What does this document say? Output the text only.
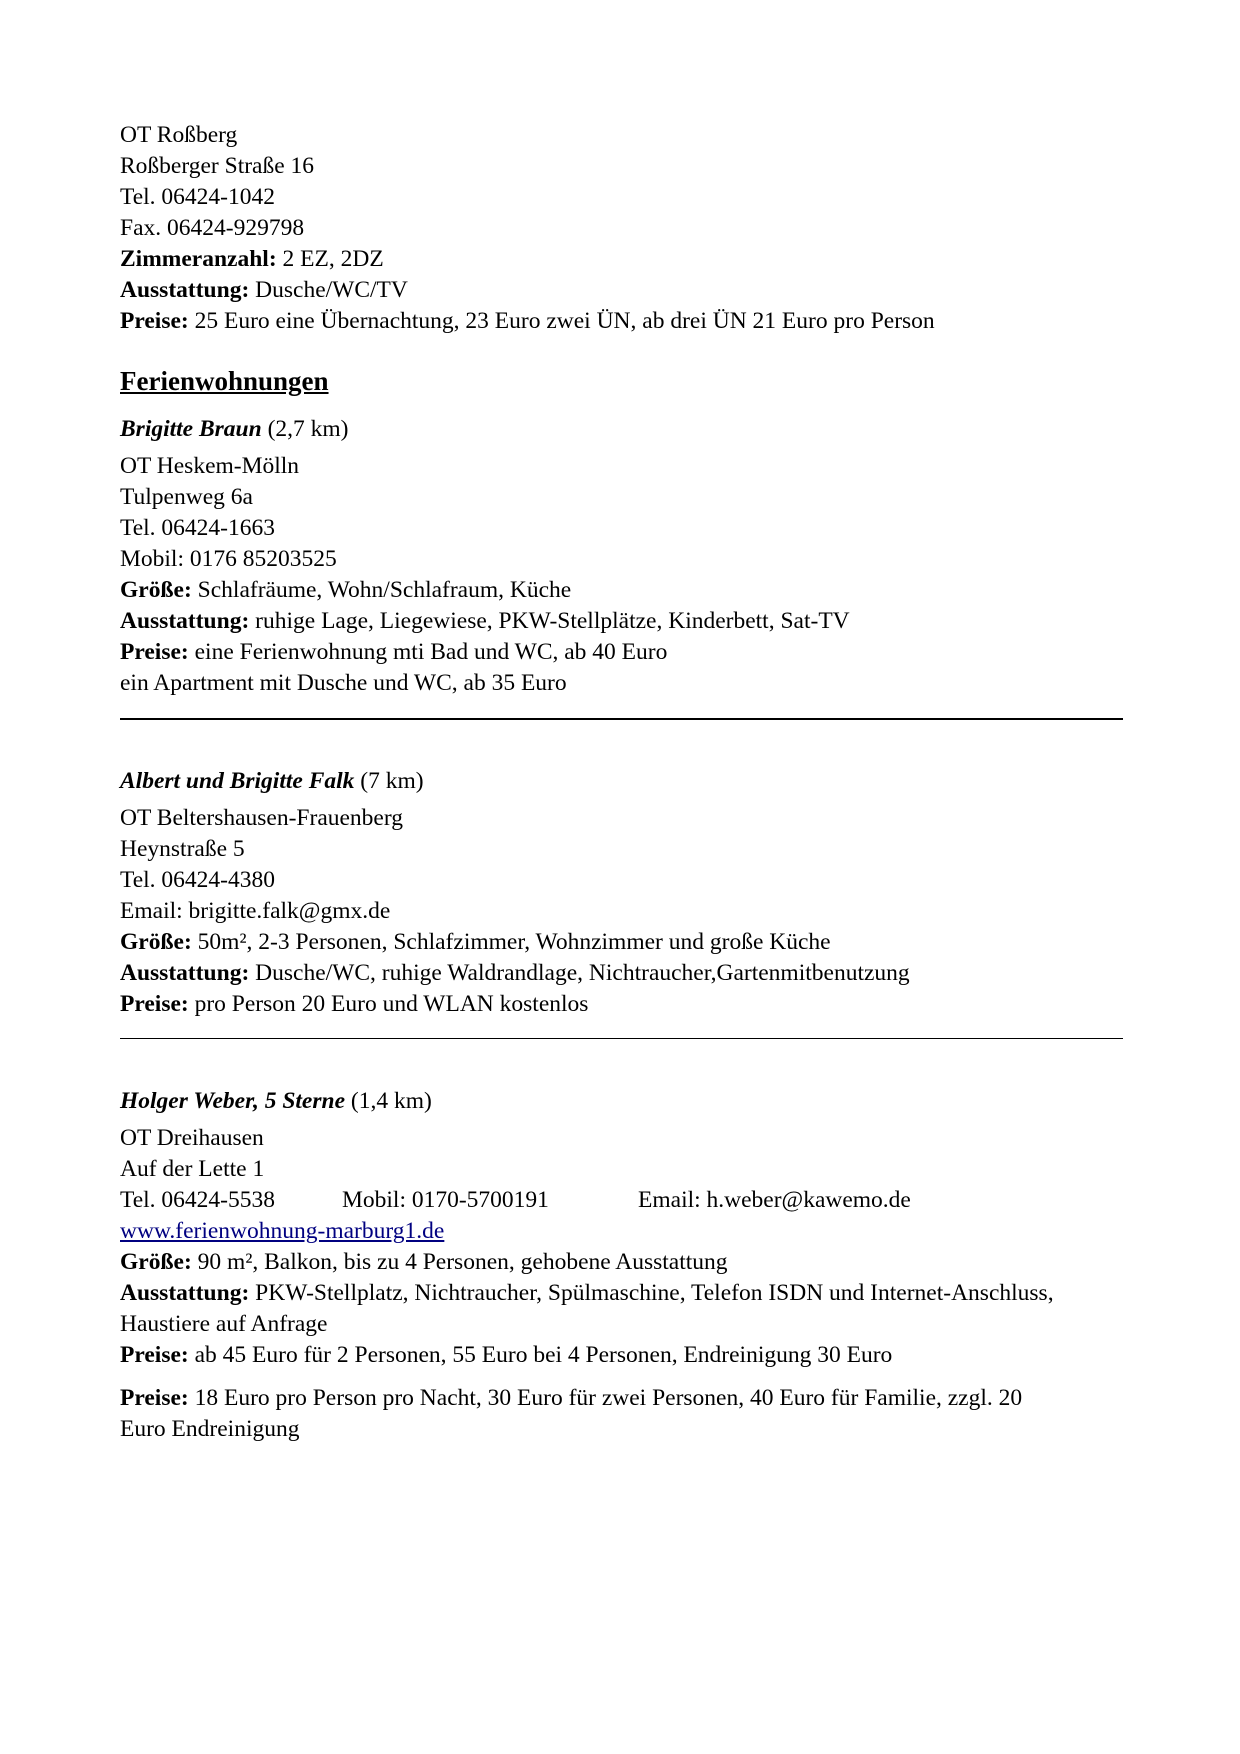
OT Roßberg

Roßberger Straße 16

Tel. 06424-1042

Fax. 06424-929798

Zimmeranzahl: 2 EZ, 2DZ

Ausstattung: Dusche/WC/TV

Preise: 25 Euro eine Übernachtung, 23 Euro zwei ÜN, ab drei ÜN 21 Euro pro Person

Ferienwohnungen

Brigitte Braun (2,7 km)

OT Heskem-Mölln

Tulpenweg 6a

Tel. 06424-1663

Mobil: 0176 85203525

Größe: Schlafräume, Wohn/Schlafraum, Küche

Ausstattung: ruhige Lage, Liegewiese, PKW-Stellplätze, Kinderbett, Sat-TV

Preise: eine Ferienwohnung mti Bad und WC, ab 40 Euro

ein Apartment mit Dusche und WC, ab 35 Euro

Albert und Brigitte Falk (7 km)

OT Beltershausen-Frauenberg

Heynstraße 5

Tel. 06424-4380

Email: brigitte.falk@gmx.de

Größe: 50m², 2-3 Personen, Schlafzimmer, Wohnzimmer und große Küche

Ausstattung: Dusche/WC, ruhige Waldrandlage, Nichtraucher,Gartenmitbenutzung

Preise: pro Person 20 Euro und WLAN kostenlos

Holger Weber, 5 Sterne (1,4 km)

OT Dreihausen

Auf der Lette 1

Tel. 06424-5538	Mobil: 0170-5700191	Email: h.weber@kawemo.de

www.ferienwohnung-marburg1.de

Größe: 90 m², Balkon, bis zu 4 Personen, gehobene Ausstattung

Ausstattung: PKW-Stellplatz, Nichtraucher, Spülmaschine, Telefon ISDN und Internet-Anschluss,

Haustiere auf Anfrage

Preise: ab 45 Euro für 2 Personen, 55 Euro bei 4 Personen, Endreinigung 30 Euro

Preise: 18 Euro pro Person pro Nacht, 30 Euro für zwei Personen, 40 Euro für Familie, zzgl. 20

Euro Endreinigung
